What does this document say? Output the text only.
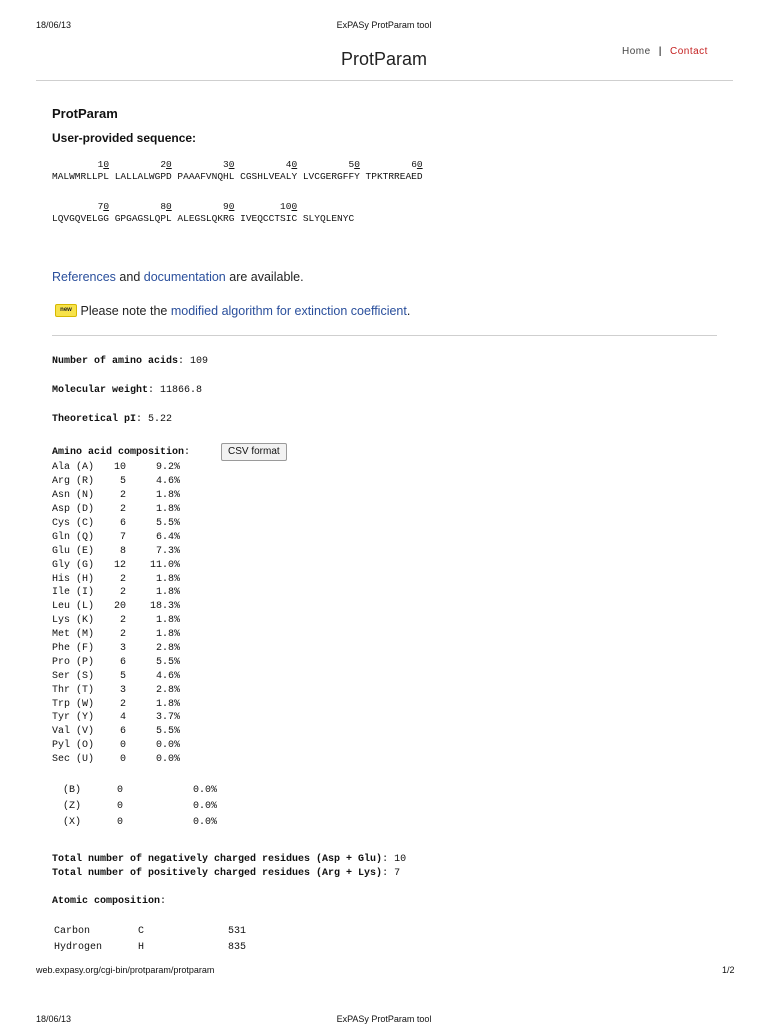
18/06/13	ExPASy ProtParam tool
ProtParam	Home | Contact
ProtParam
User-provided sequence:
10         20         30         40         50         60
MALWMRLLPL LALLALWGPD PAAAFVNQHL CGSHLVEALY LVCGERGFFY TPKTRREAED
70         80         90        100
LQVGQVELGG GPGAGSLQPL ALEGSLQKRG IVEQCCTSIC SLYQLENYC
References and documentation are available.
new Please note the modified algorithm for extinction coefficient.
Number of amino acids: 109
Molecular weight: 11866.8
Theoretical pI: 5.22
Amino acid composition:	CSV format
Ala (A)	10	9.2%
Arg (R)	5	4.6%
Asn (N)	2	1.8%
Asp (D)	2	1.8%
Cys (C)	6	5.5%
Gln (Q)	7	6.4%
Glu (E)	8	7.3%
Gly (G)	12	11.0%
His (H)	2	1.8%
Ile (I)	2	1.8%
Leu (L)	20	18.3%
Lys (K)	2	1.8%
Met (M)	2	1.8%
Phe (F)	3	2.8%
Pro (P)	6	5.5%
Ser (S)	5	4.6%
Thr (T)	3	2.8%
Trp (W)	2	1.8%
Tyr (Y)	4	3.7%
Val (V)	6	5.5%
Pyl (O)	0	0.0%
Sec (U)	0	0.0%
(B)	0	0.0%
(Z)	0	0.0%
(X)	0	0.0%
Total number of negatively charged residues (Asp + Glu): 10
Total number of positively charged residues (Arg + Lys): 7
Atomic composition:
Carbon	C	531
Hydrogen	H	835
web.expasy.org/cgi-bin/protparam/protparam	1/2
18/06/13	ExPASy ProtParam tool
